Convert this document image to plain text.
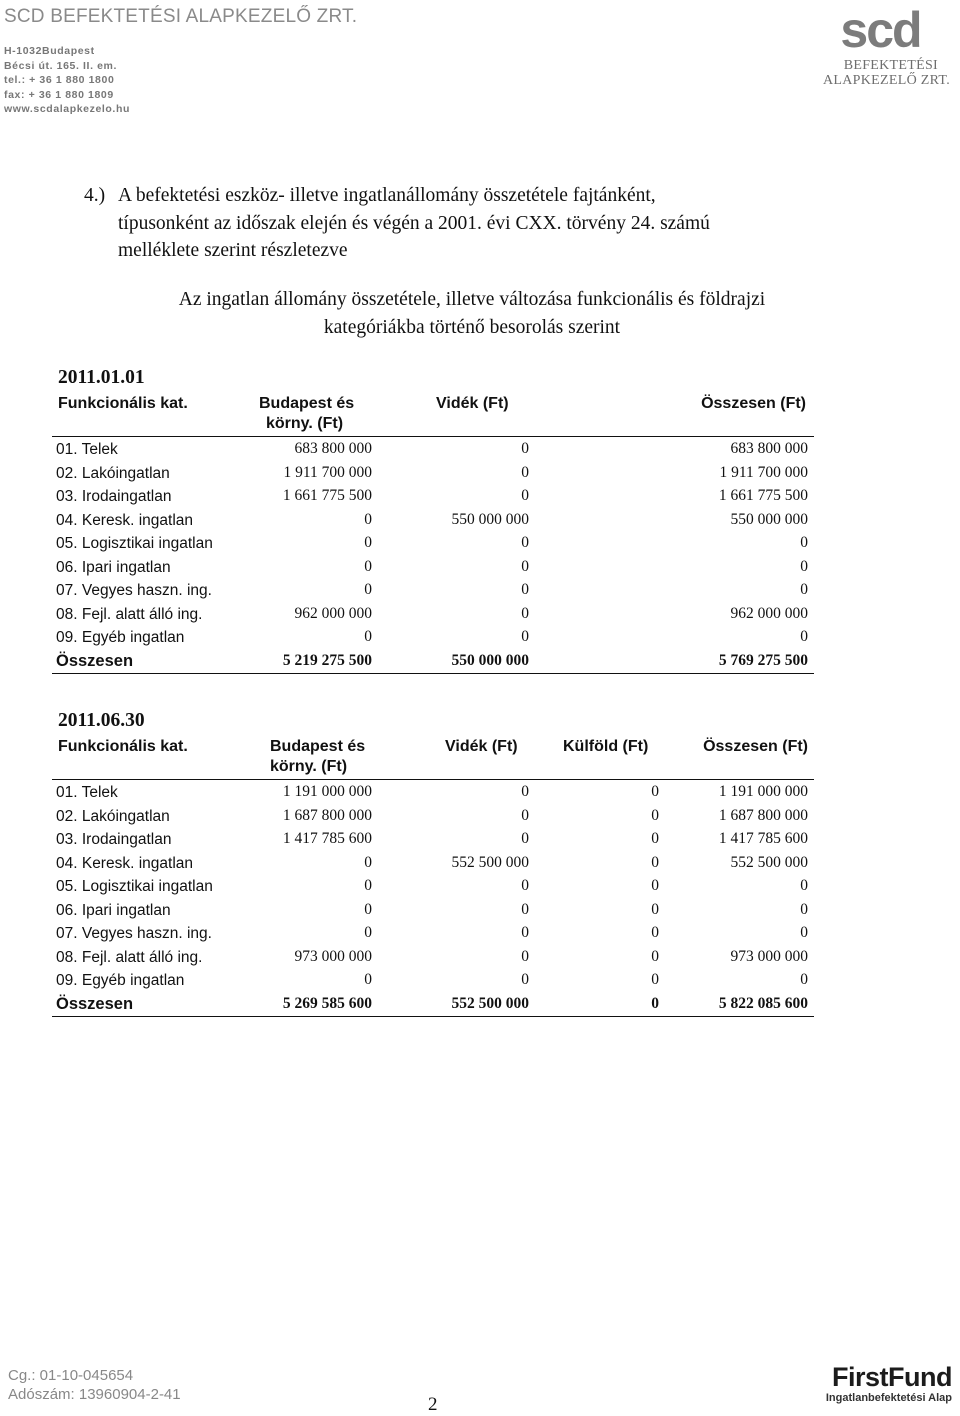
SCD BEFEKTETÉSI ALAPKEZELŐ ZRT.
H-1032Budapest
Bécsi út. 165. II. em.
tel.: + 36 1 880 1800
fax: + 36 1 880 1809
www.scdalapkezelo.hu
scd
BEFEKTETÉSI
ALAPKEZELŐ ZRT.
4.) A befektetési eszköz- illetve ingatlanállomány összetétele fajtánként,
típusonként az időszak elején és végén a 2001. évi CXX. törvény 24. számú
melléklete szerint részletezve
Az ingatlan állomány összetétele, illetve változása funkcionális és földrajzi
kategóriákba történő besorolás szerint
2011.01.01
Funkcionális kat.	Budapest és
körny. (Ft)
Vidék (Ft)	Összesen (Ft)
01. Telek	683 800 000	0	683 800 000
02. Lakóingatlan	1 911 700 000	0	1 911 700 000
03. Irodaingatlan	1 661 775 500	0	1 661 775 500
04. Keresk. ingatlan	0	550 000 000	550 000 000
05. Logisztikai ingatlan	0	0	0
06. Ipari ingatlan	0	0	0
07. Vegyes haszn. ing.	0	0	0
08. Fejl. alatt álló ing.	962 000 000	0	962 000 000
09. Egyéb ingatlan	0	0	0
Összesen	5 219 275 500	550 000 000	5 769 275 500
2011.06.30
Funkcionális kat.	Budapest és
körny. (Ft)
Vidék (Ft)	Külföld (Ft)	Összesen (Ft)
01. Telek	1 191 000 000	0	0	1 191 000 000
02. Lakóingatlan	1 687 800 000	0	0	1 687 800 000
03. Irodaingatlan	1 417 785 600	0	0	1 417 785 600
04. Keresk. ingatlan	0	552 500 000	0	552 500 000
05. Logisztikai ingatlan	0	0	0	0
06. Ipari ingatlan	0	0	0	0
07. Vegyes haszn. ing.	0	0	0	0
08. Fejl. alatt álló ing.	973 000 000	0	0	973 000 000
09. Egyéb ingatlan	0	0	0	0
Összesen	5 269 585 600	552 500 000	0	5 822 085 600
Cg.: 01-10-045654
Adószám: 13960904-2-41	2
FirstFund
Ingatlanbefektetési Alap
